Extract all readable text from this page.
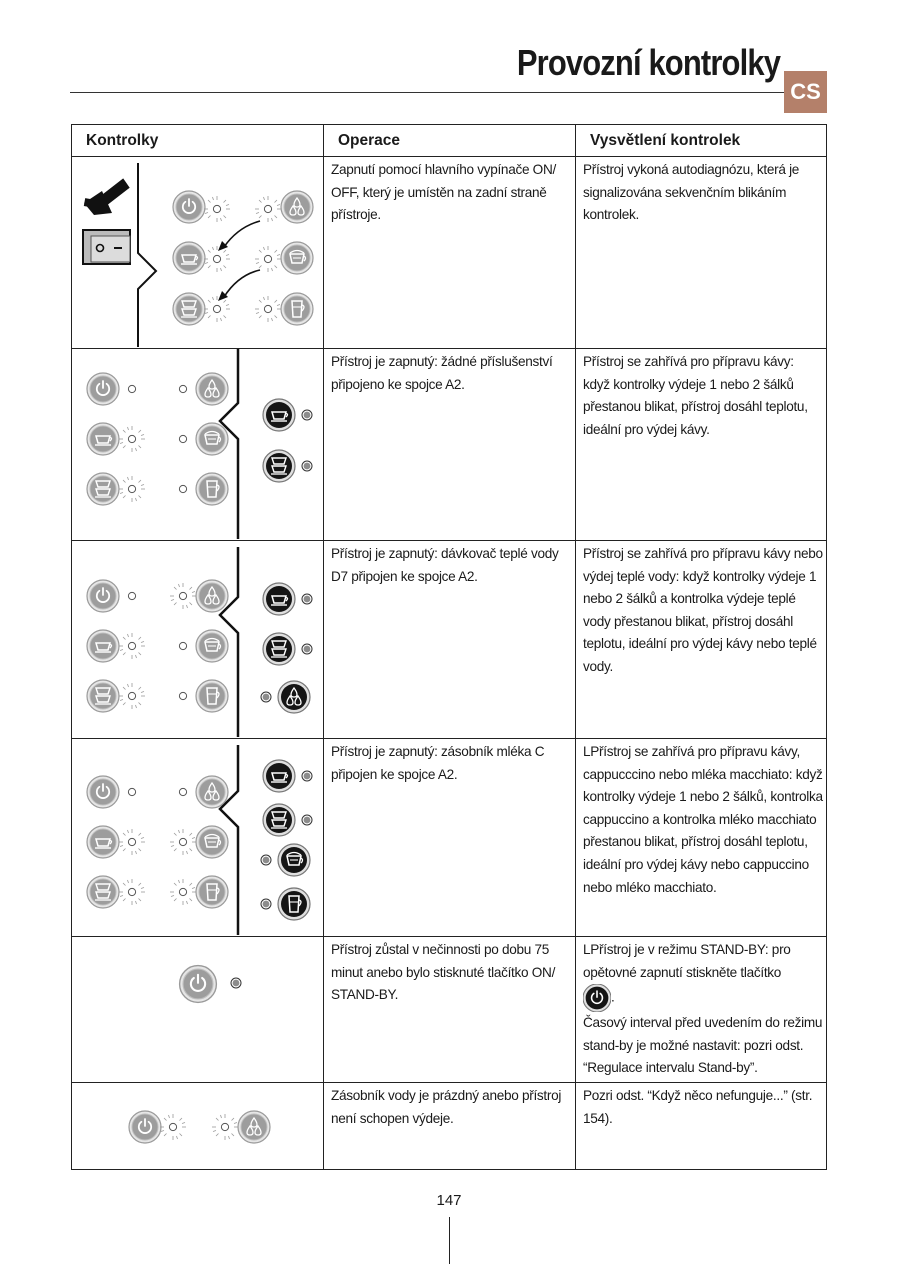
Provozní kontrolky
CS
Kontrolky	Operace	Vysvětlení kontrolek
Zapnutí pomocí hlavního vypínače ON/ OFF, který je umístěn na zadní straně přístroje.
Přístroj vykoná autodiagnózu, která je signalizována sekvenčním blikáním kontrolek.
Přístroj je zapnutý: žádné příslušenství připojeno ke spojce A2.
Přístroj se zahřívá pro přípravu kávy: když kontrolky výdeje 1 nebo 2 šálků přestanou blikat, přístroj dosáhl teplotu, ideální pro výdej kávy.
Přístroj je zapnutý: dávkovač teplé vody D7 připojen ke spojce A2.
Přístroj se zahřívá pro přípravu kávy nebo výdej teplé vody: když kontrolky výdeje 1 nebo 2 šálků a kontrolka výdeje teplé vody přestanou blikat, přístroj dosáhl teplotu, ideální pro výdej kávy nebo teplé vody.
Přístroj je zapnutý: zásobník mléka C připojen ke spojce A2.
LPřístroj se zahřívá pro přípravu kávy, cappucccino nebo mléka macchiato: když kontrolky výdeje 1 nebo 2 šálků, kontrolka cappuccino a kontrolka mléko macchiato přestanou blikat, přístroj dosáhl teplotu, ideální pro výdej kávy nebo cappuccino nebo mléko macchiato.
Přístroj zůstal v nečinnosti po dobu 75 minut anebo bylo stisknuté tlačítko ON/ STAND-BY.
LPřístroj je v režimu STAND-BY: pro opětovné zapnutí stiskněte tlačítko
.
Časový interval před uvedením do režimu stand-by je možné nastavit: pozri odst. “Regulace intervalu Stand-by”.
Zásobník vody je prázdný anebo přístroj není schopen výdeje.
Pozri odst. “Když něco nefunguje...” (str. 154).
147
